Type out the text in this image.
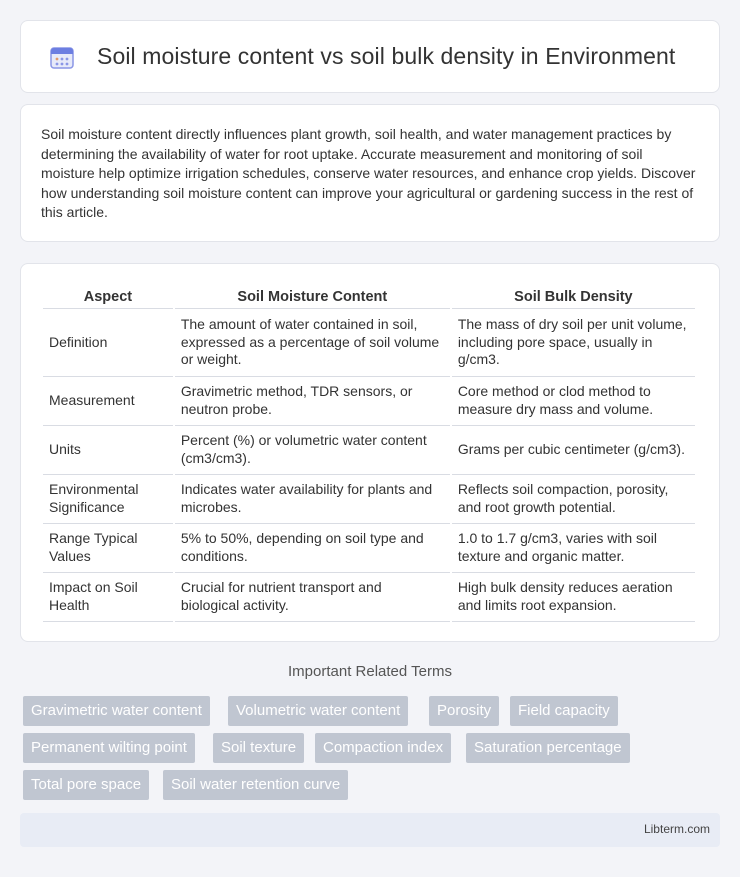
Soil moisture content vs soil bulk density in Environment

Soil moisture content directly influences plant growth, soil health, and water management practices by determining the availability of water for root uptake. Accurate measurement and monitoring of soil moisture help optimize irrigation schedules, conserve water resources, and enhance crop yields. Discover how understanding soil moisture content can improve your agricultural or gardening success in the rest of this article.

Aspect	Soil Moisture Content	Soil Bulk Density
Definition	The amount of water contained in soil, expressed as a percentage of soil volume or weight.	The mass of dry soil per unit volume, including pore space, usually in g/cm3.
Measurement	Gravimetric method, TDR sensors, or neutron probe.	Core method or clod method to measure dry mass and volume.
Units	Percent (%) or volumetric water content (cm3/cm3).	Grams per cubic centimeter (g/cm3).
Environmental Significance	Indicates water availability for plants and microbes.	Reflects soil compaction, porosity, and root growth potential.
Range Typical Values	5% to 50%, depending on soil type and conditions.	1.0 to 1.7 g/cm3, varies with soil texture and organic matter.
Impact on Soil Health	Crucial for nutrient transport and biological activity.	High bulk density reduces aeration and limits root expansion.
Important Related Terms
Gravimetric water content	Volumetric water content	Porosity	Field capacity
Permanent wilting point	Soil texture	Compaction index	Saturation percentage
Total pore space	Soil water retention curve
Libterm.com
